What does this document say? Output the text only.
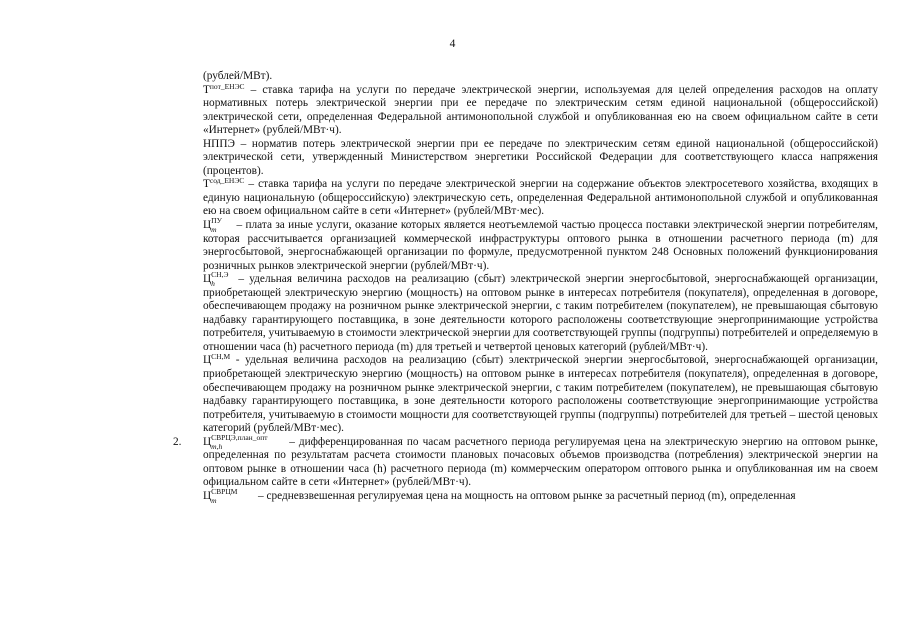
4

(рублей/МВт).

$Т^{пот\_ЕНЭС}$ – ставка тарифа на услуги по передаче электрической энергии, используемая для целей определения расходов на оплату нормативных потерь электрической энергии при ее передаче по электрическим сетям единой национальной (общероссийской) электрической сети, определенная Федеральной антимонопольной службой и опубликованная ею на своем официальном сайте в сети «Интернет» (рублей/МВт·ч).

НППЭ – норматив потерь электрической энергии при ее передаче по электрическим сетям единой национальной (общероссийской) электрической сети, утвержденный Министерством энергетики Российской Федерации для соответствующего класса напряжения (процентов).

$Т^{сод\_ЕНЭС}$ – ставка тарифа на услуги по передаче электрической энергии на содержание объектов электросетевого хозяйства, входящих в единую национальную (общероссийскую) электрическую сеть, определенная Федеральной антимонопольной службой и опубликованная ею на своем официальном сайте в сети «Интернет» (рублей/МВт·мес).

Ц ПУ
m – плата за иные услуги, оказание которых является неотъемлемой частью процесса поставки электрической энергии потребителям, которая рассчитывается организацией коммерческой инфраструктуры оптового рынка в отношении расчетного периода (m) для энергосбытовой, энергоснабжающей организации по формуле, предусмотренной пунктом 248 Основных положений функционирования розничных рынков электрической энергии (рублей/МВт·ч).

Ц СН,Э
h – удельная величина расходов на реализацию (сбыт) электрической энергии энергосбытовой, энергоснабжающей организации, приобретающей электрическую энергию (мощность) на оптовом рынке в интересах потребителя (покупателя), определенная в договоре, обеспечивающем продажу на розничном рынке электрической энергии, с таким потребителем (покупателем), не превышающая сбытовую надбавку гарантирующего поставщика, в зоне деятельности которого расположены соответствующие энергопринимающие устройства потребителя, учитываемую в стоимости электрической энергии для соответствующей группы (подгруппы) потребителей и определяемую в отношении часа (h) расчетного периода (m) для третьей и четвертой ценовых категорий (рублей/МВт·ч).

$Ц^{СН,М}$ - удельная величина расходов на реализацию (сбыт) электрической энергии энергосбытовой, энергоснабжающей организации, приобретающей электрическую энергию (мощность) на оптовом рынке в интересах потребителя (покупателя), определенная в договоре, обеспечивающем продажу на розничном рынке электрической энергии, с таким потребителем (покупателем), не превышающая сбытовую надбавку гарантирующего поставщика, в зоне деятельности которого расположены соответствующие энергопринимающие устройства потребителя, учитываемую в стоимости мощности для соответствующей группы (подгруппы) потребителей для третьей – шестой ценовых категорий (рублей/МВт·мес).

2. Ц СВРЦЭ,план_опт
m,h	– дифференцированная по часам расчетного периода регулируемая цена на электрическую энергию на оптовом рынке, определенная по результатам расчета стоимости плановых почасовых объемов производства (потребления) электрической энергии на оптовом рынке в отношении часа (h) расчетного периода (m) коммерческим оператором оптового рынка и опубликованная им на своем официальном сайте в сети «Интернет» (рублей/МВт·ч).

Ц СВРЦМ
m	– средневзвешенная регулируемая цена на мощность на оптовом рынке за расчетный период (m), определенная
